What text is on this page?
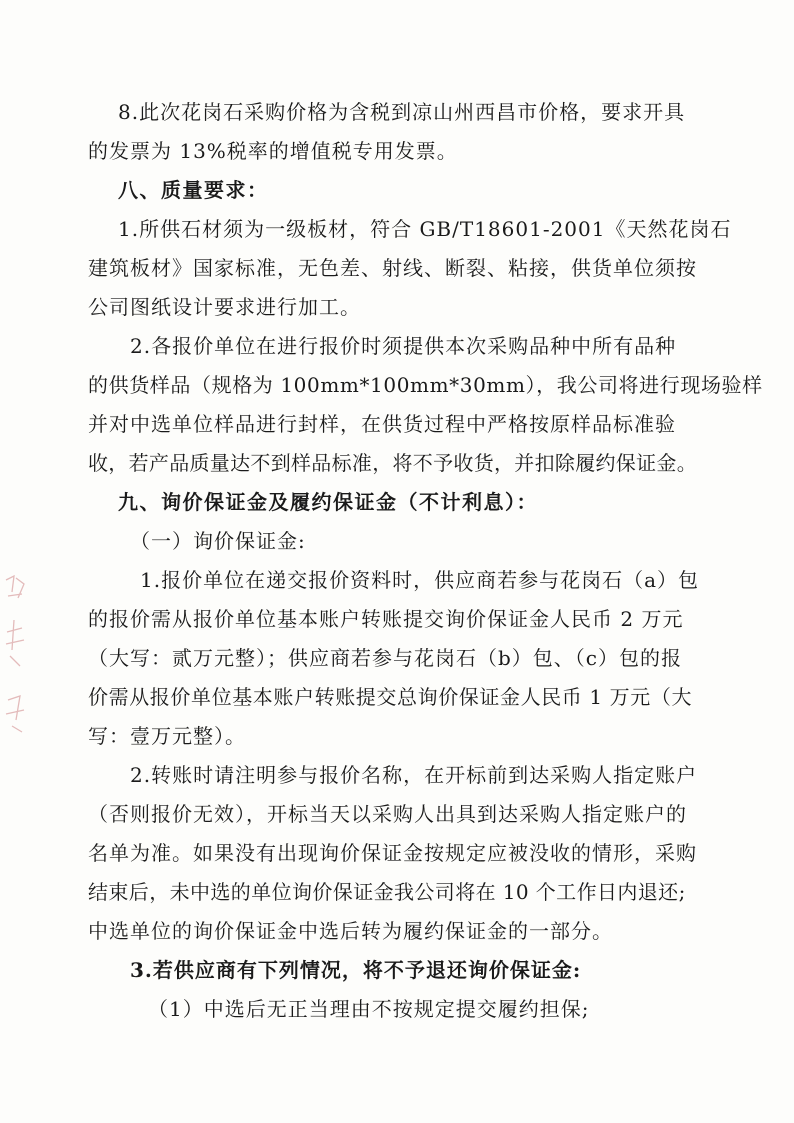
8.此次花岗石采购价格为含税到凉山州西昌市价格，要求开具
的发票为 13%税率的增值税专用发票。
八、质量要求：
1.所供石材须为一级板材，符合 GB/T18601-2001《天然花岗石
建筑板材》国家标准，无色差、射线、断裂、粘接，供货单位须按
公司图纸设计要求进行加工。
2.各报价单位在进行报价时须提供本次采购品种中所有品种
的供货样品（规格为 100mm*100mm*30mm），我公司将进行现场验样
并对中选单位样品进行封样，在供货过程中严格按原样品标准验
收，若产品质量达不到样品标准，将不予收货，并扣除履约保证金。
九、询价保证金及履约保证金（不计利息）：
（一）询价保证金:
1.报价单位在递交报价资料时，供应商若参与花岗石（a）包
的报价需从报价单位基本账户转账提交询价保证金人民币 2 万元
（大写：贰万元整）；供应商若参与花岗石（b）包、（c）包的报
价需从报价单位基本账户转账提交总询价保证金人民币 1 万元（大
写：壹万元整）。
2.转账时请注明参与报价名称，在开标前到达采购人指定账户
（否则报价无效），开标当天以采购人出具到达采购人指定账户的
名单为准。如果没有出现询价保证金按规定应被没收的情形，采购
结束后，未中选的单位询价保证金我公司将在 10 个工作日内退还;
中选单位的询价保证金中选后转为履约保证金的一部分。
3.若供应商有下列情况，将不予退还询价保证金:
（1）中选后无正当理由不按规定提交履约担保;
